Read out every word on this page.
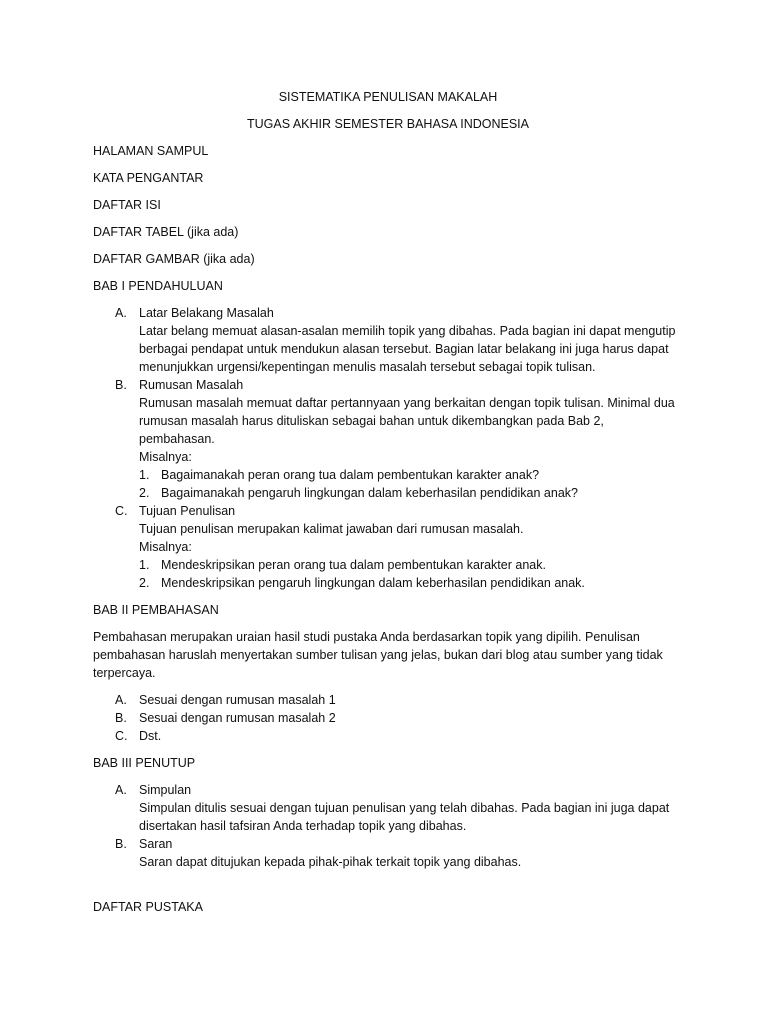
SISTEMATIKA PENULISAN MAKALAH

TUGAS AKHIR SEMESTER BAHASA INDONESIA

HALAMAN SAMPUL

KATA PENGANTAR

DAFTAR ISI

DAFTAR TABEL (jika ada)

DAFTAR GAMBAR (jika ada)

BAB I PENDAHULUAN

A. Latar Belakang Masalah

Latar belang memuat alasan-asalan memilih topik yang dibahas. Pada bagian ini dapat mengutip berbagai pendapat untuk mendukun alasan tersebut. Bagian latar belakang ini juga harus dapat menunjukkan urgensi/kepentingan menulis masalah tersebut sebagai topik tulisan.

B. Rumusan Masalah

Rumusan masalah memuat daftar pertannyaan yang berkaitan dengan topik tulisan. Minimal dua rumusan masalah harus dituliskan sebagai bahan untuk dikembangkan pada Bab 2, pembahasan.

Misalnya:

1. Bagaimanakah peran orang tua dalam pembentukan karakter anak?
2. Bagaimanakah pengaruh lingkungan dalam keberhasilan pendidikan anak?
C. Tujuan Penulisan

Tujuan penulisan merupakan kalimat jawaban dari rumusan masalah.

Misalnya:

1. Mendeskripsikan peran orang tua dalam pembentukan karakter anak.
2. Mendeskripsikan pengaruh lingkungan dalam keberhasilan pendidikan anak.

BAB II PEMBAHASAN

Pembahasan merupakan uraian hasil studi pustaka Anda berdasarkan topik yang dipilih. Penulisan pembahasan haruslah menyertakan sumber tulisan yang jelas, bukan dari blog atau sumber yang tidak terpercaya.

A. Sesuai dengan rumusan masalah 1
B. Sesuai dengan rumusan masalah 2
C. Dst.

BAB III PENUTUP

A. Simpulan

Simpulan ditulis sesuai dengan tujuan penulisan yang telah dibahas. Pada bagian ini juga dapat disertakan hasil tafsiran Anda terhadap topik yang dibahas.

B. Saran

Saran dapat ditujukan kepada pihak-pihak terkait topik yang dibahas.

DAFTAR PUSTAKA
